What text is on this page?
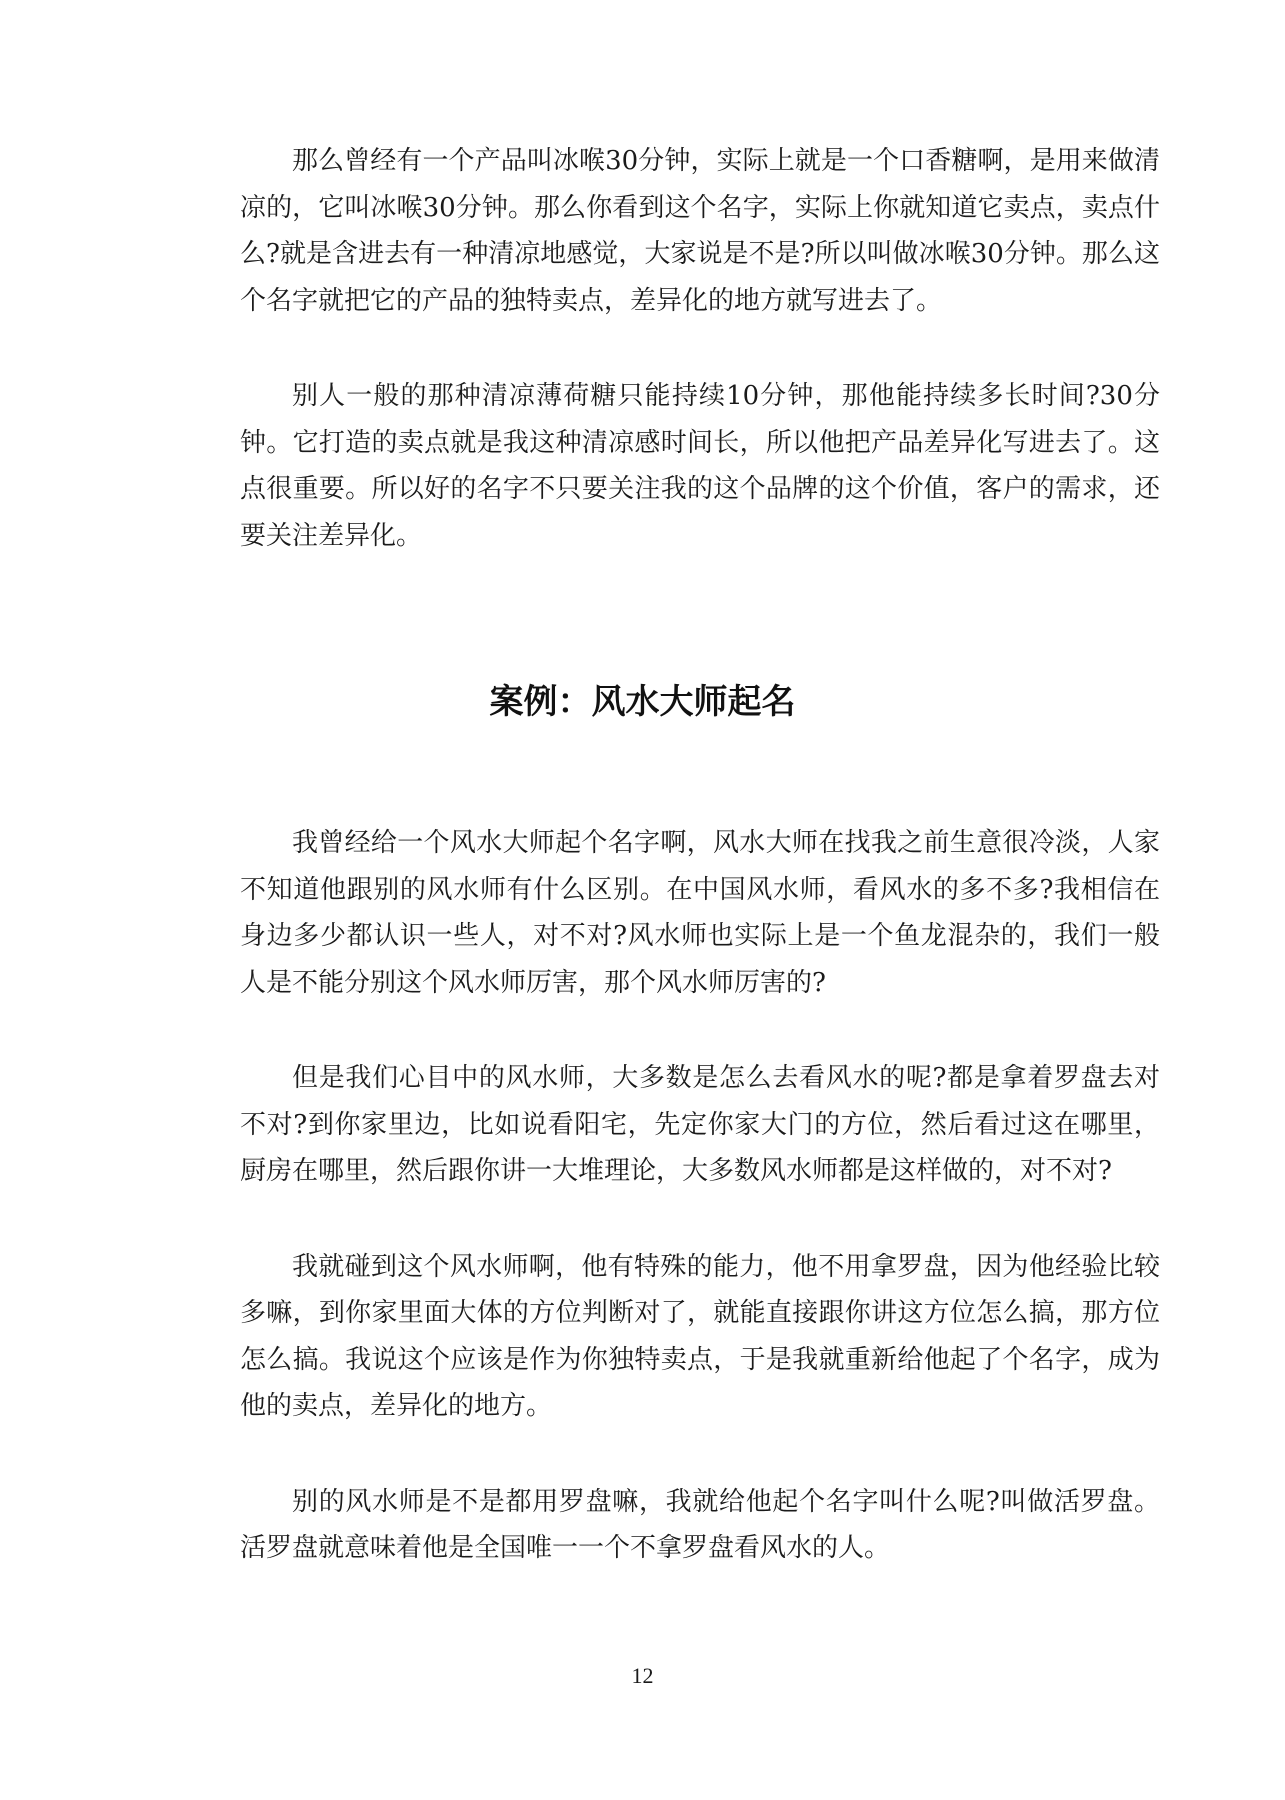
那么曾经有一个产品叫冰喉30分钟，实际上就是一个口香糖啊，是用来做清凉的，它叫冰喉30分钟。那么你看到这个名字，实际上你就知道它卖点，卖点什么?就是含进去有一种清凉地感觉，大家说是不是?所以叫做冰喉30分钟。那么这个名字就把它的产品的独特卖点，差异化的地方就写进去了。

别人一般的那种清凉薄荷糖只能持续10分钟，那他能持续多长时间?30分钟。它打造的卖点就是我这种清凉感时间长，所以他把产品差异化写进去了。这点很重要。所以好的名字不只要关注我的这个品牌的这个价值，客户的需求，还要关注差异化。

案例：风水大师起名

我曾经给一个风水大师起个名字啊，风水大师在找我之前生意很冷淡，人家不知道他跟别的风水师有什么区别。在中国风水师，看风水的多不多?我相信在身边多少都认识一些人，对不对?风水师也实际上是一个鱼龙混杂的，我们一般人是不能分别这个风水师厉害，那个风水师厉害的?

但是我们心目中的风水师，大多数是怎么去看风水的呢?都是拿着罗盘去对不对?到你家里边，比如说看阳宅，先定你家大门的方位，然后看过这在哪里，厨房在哪里，然后跟你讲一大堆理论，大多数风水师都是这样做的，对不对?

我就碰到这个风水师啊，他有特殊的能力，他不用拿罗盘，因为他经验比较多嘛，到你家里面大体的方位判断对了，就能直接跟你讲这方位怎么搞，那方位怎么搞。我说这个应该是作为你独特卖点，于是我就重新给他起了个名字，成为他的卖点，差异化的地方。

别的风水师是不是都用罗盘嘛，我就给他起个名字叫什么呢?叫做活罗盘。活罗盘就意味着他是全国唯一一个不拿罗盘看风水的人。

12
